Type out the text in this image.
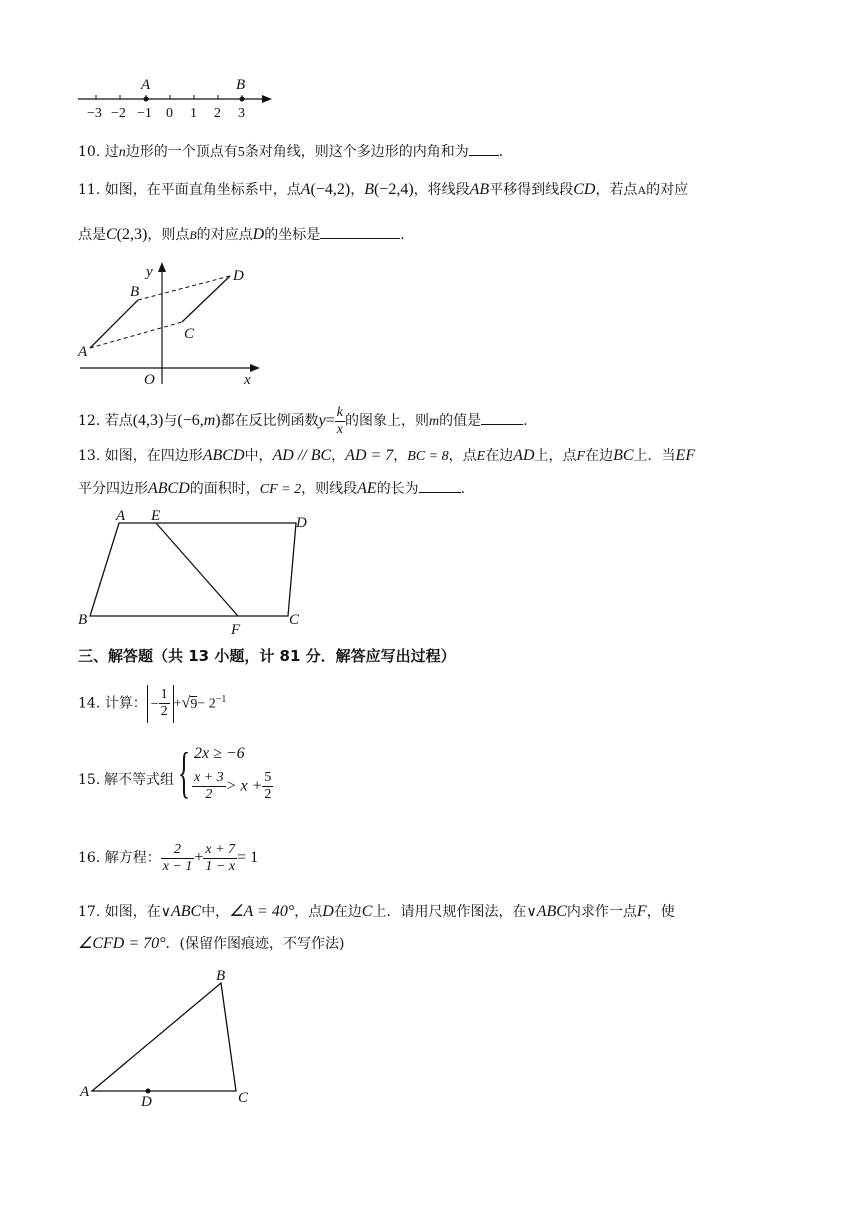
A	B
−3 −2 −1 0 1 2 3
10. 过n边形的一个顶点有5条对角线，则这个多边形的内角和为 .
11. 如图，在平面直角坐标系中，点A(−4,2)，B(−2,4)，将线段AB平移得到线段CD，若点A的对应
点是C(2,3)，则点B的对应点D的坐标是	.
y
x
O
A
B
C
D
12. 若点(4,3)与(−6,m)都在反比例函数$y= \frac{k}{x}$ 的图象上，则m的值是	.
13. 如图，在四边形ABCD中，AD // BC，AD = 7，BC = 8，点E在边AD上，点F在边BC上．当EF
平分四边形ABCD的面积时，CF = 2，则线段AE的长为	.
A E	D
B
F
C
三、解答题（共 13 小题，计 81 分．解答应写出过程）
14. 计算： − $\frac{1}{2} +√9- 2^{-1}$
15. 解不等式组 { 2x ≥ −6
$\frac{x + 3}{2} > x + \frac{5}{2}$
16. 解方程： $\frac{2}{x - 1} + \frac{x + 7}{1 - x} = 1$
17. 如图，在∨ABC中，∠A = 40°，点D在边C上．请用尺规作图法，在∨ABC内求作一点F，使
∠CFD = 70°．(保留作图痕迹，不写作法)
A
B
C
D
